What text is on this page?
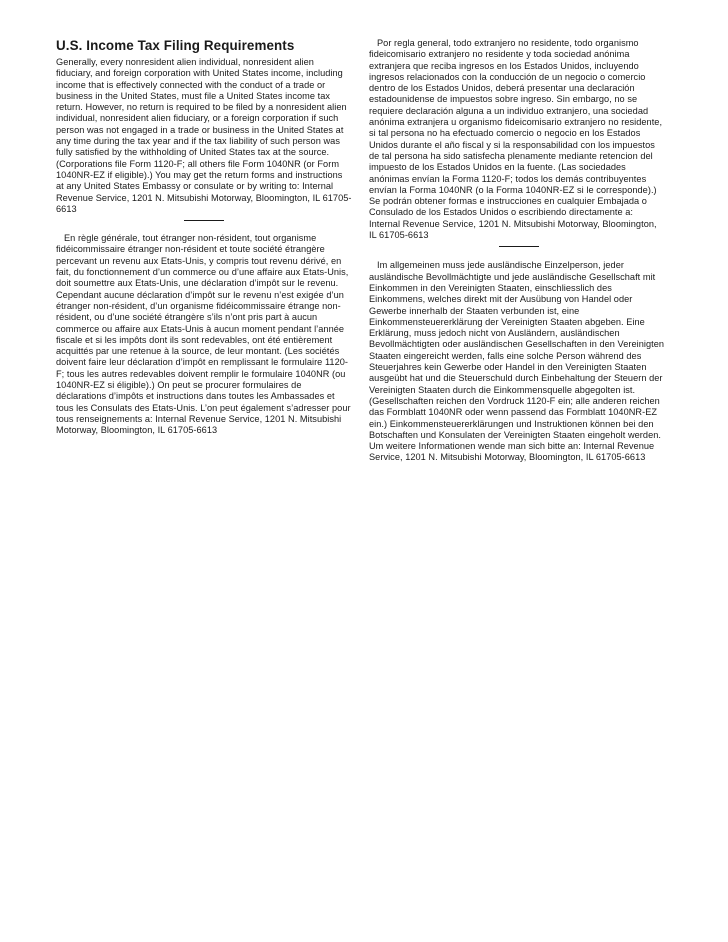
U.S. Income Tax Filing Requirements

Generally, every nonresident alien individual, nonresident alien fiduciary, and foreign corporation with United States income, including income that is effectively connected with the conduct of a trade or business in the United States, must file a United States income tax return. However, no return is required to be filed by a nonresident alien individual, nonresident alien fiduciary, or a foreign corporation if such person was not engaged in a trade or business in the United States at any time during the tax year and if the tax liability of such person was fully satisfied by the withholding of United States tax at the source. (Corporations file Form 1120-F; all others file Form 1040NR (or Form 1040NR-EZ if eligible).) You may get the return forms and instructions at any United States Embassy or consulate or by writing to: Internal Revenue Service, 1201 N. Mitsubishi Motorway, Bloomington, IL 61705-6613

En règle générale, tout étranger non-résident, tout organisme fidéicommissaire étranger non-résident et toute société étrangère percevant un revenu aux Etats-Unis, y compris tout revenu dérivé, en fait, du fonctionnement d’un commerce ou d’une affaire aux Etats-Unis, doit soumettre aux Etats-Unis, une déclaration d’impôt sur le revenu. Cependant aucune déclaration d’impôt sur le revenu n’est exigée d’un étranger non-résident, d’un organisme fidéicommissaire étrange non-résident, ou d’une société étrangère s’ils n’ont pris part à aucun commerce ou affaire aux Etats-Unis à aucun moment pendant l’année fiscale et si les impôts dont ils sont redevables, ont été entièrement acquittés par une retenue à la source, de leur montant. (Les sociétés doivent faire leur déclaration d’impôt en remplissant le formulaire 1120-F; tous les autres redevables doivent remplir le formulaire 1040NR (ou 1040NR-EZ si éligible).) On peut se procurer formulaires de déclarations d’impôts et instructions dans toutes les Ambassades et tous les Consulats des Etats-Unis. L’on peut également s’adresser pour tous renseignements a: Internal Revenue Service, 1201 N. Mitsubishi Motorway, Bloomington, IL 61705-6613

Por regla general, todo extranjero no residente, todo organismo fideicomisario extranjero no residente y toda sociedad anónima extranjera que reciba ingresos en los Estados Unidos, incluyendo ingresos relacionados con la conducción de un negocio o comercio dentro de los Estados Unidos, deberá presentar una declaración estadounidense de impuestos sobre ingreso. Sin embargo, no se requiere declaración alguna a un individuo extranjero, una sociedad anónima extranjera u organismo fideicomisario extranjero no residente, si tal persona no ha efectuado comercio o negocio en los Estados Unidos durante el año fiscal y si la responsabilidad con los impuestos de tal persona ha sido satisfecha plenamente mediante retencion del impuesto de los Estados Unidos en la fuente. (Las sociedades anónimas envían la Forma 1120-F; todos los demás contribuyentes envían la Forma 1040NR (o la Forma 1040NR-EZ si le corresponde).) Se podrán obtener formas e instrucciones en cualquier Embajada o Consulado de los Estados Unidos o escribiendo directamente a: Internal Revenue Service, 1201 N. Mitsubishi Motorway, Bloomington, IL 61705-6613

Im allgemeinen muss jede ausländische Einzelperson, jeder ausländische Bevollmächtigte und jede ausländische Gesellschaft mit Einkommen in den Vereinigten Staaten, einschliesslich des Einkommens, welches direkt mit der Ausübung von Handel oder Gewerbe innerhalb der Staaten verbunden ist, eine Einkommensteuererklärung der Vereinigten Staaten abgeben. Eine Erklärung, muss jedoch nicht von Ausländern, ausländischen Bevollmächtigten oder ausländischen Gesellschaften in den Vereinigten Staaten eingereicht werden, falls eine solche Person während des Steuerjahres kein Gewerbe oder Handel in den Vereinigten Staaten ausgeübt hat und die Steuerschuld durch Einbehaltung der Steuern der Vereinigten Staaten durch die Einkommensquelle abgegolten ist. (Gesellschaften reichen den Vordruck 1120-F ein; alle anderen reichen das Formblatt 1040NR oder wenn passend das Formblatt 1040NR-EZ ein.) Einkommensteuererklärungen und Instruktionen können bei den Botschaften und Konsulaten der Vereinigten Staaten eingeholt werden. Um weitere Informationen wende man sich bitte an: Internal Revenue Service, 1201 N. Mitsubishi Motorway, Bloomington, IL 61705-6613
